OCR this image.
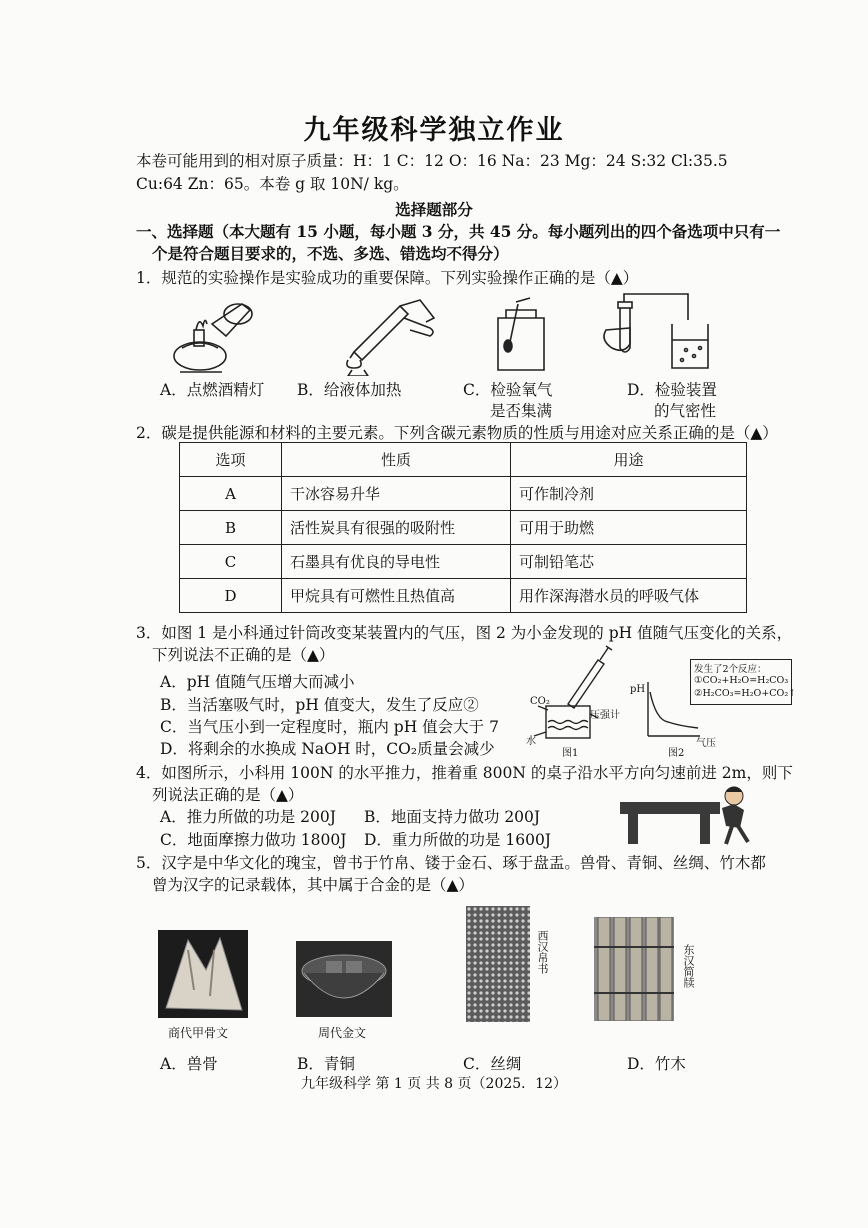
九年级科学独立作业
本卷可能用到的相对原子质量：H：1 C：12 O：16 Na：23 Mg：24 S:32 Cl:35.5
Cu:64 Zn：65。本卷 g 取 10N/ kg。
选择题部分
一、选择题（本大题有 15 小题，每小题 3 分，共 45 分。每小题列出的四个备选项中只有一
个是符合题目要求的，不选、多选、错选均不得分）
1．规范的实验操作是实验成功的重要保障。下列实验操作正确的是（▲）
A．点燃酒精灯 B．给液体加热	C．检验氧气
是否集满
D．检验装置
的气密性
2．碳是提供能源和材料的主要元素。下列含碳元素物质的性质与用途对应关系正确的是（▲）
选项	性质	用途
A	干冰容易升华	可作制冷剂
B	活性炭具有很强的吸附性	可用于助燃
C	石墨具有优良的导电性	可制铅笔芯
D	甲烷具有可燃性且热值高	用作深海潜水员的呼吸气体
3．如图 1 是小科通过针筒改变某装置内的气压，图 2 为小金发现的 pH 值随气压变化的关系，
下列说法不正确的是（▲）
A．pH 值随气压增大而减小
B．当活塞吸气时，pH 值变大，发生了反应②
C．当气压小到一定程度时，瓶内 pH 值会大于 7
D．将剩余的水换成 NaOH 时，CO₂质量会减少
CO₂
压强计
水
图1
pH
气压
图2
发生了2个反应：
①CO₂+H₂O=H₂CO₃
②H₂CO₃=H₂O+CO₂↑
4．如图所示，小科用 100N 的水平推力，推着重 800N 的桌子沿水平方向匀速前进 2m，则下
列说法正确的是（▲）
A．推力所做的功是 200J B．地面支持力做功 200J
C．地面摩擦力做功 1800J D．重力所做的功是 1600J
5．汉字是中华文化的瑰宝，曾书于竹帛、镂于金石、琢于盘盂。兽骨、青铜、丝绸、竹木都
曾为汉字的记录载体，其中属于合金的是（▲）
商代甲骨文	周代金文
西汉帛书	东汉简牍
A．兽骨	B．青铜	C．丝绸	D．竹木
九年级科学 第 1 页 共 8 页（2025．12）
